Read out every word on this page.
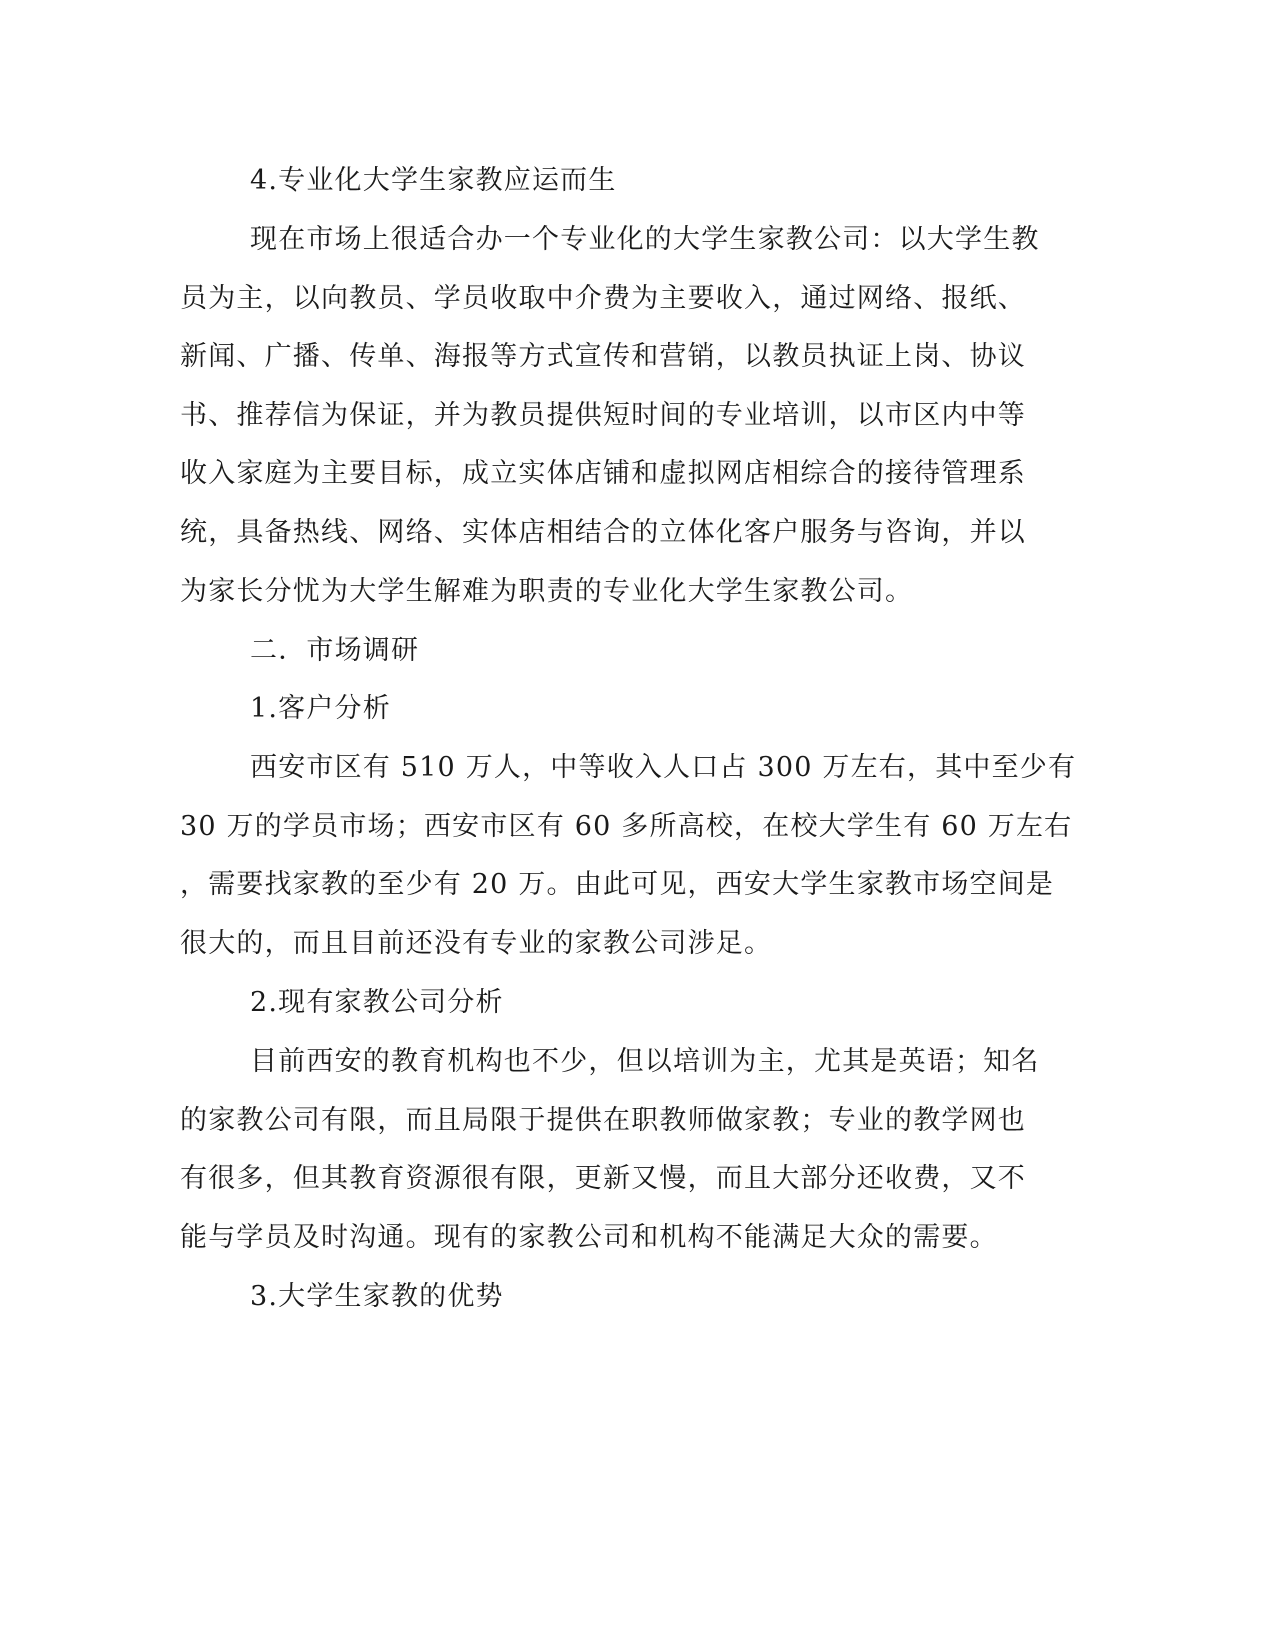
4.专业化大学生家教应运而生
现在市场上很适合办一个专业化的大学生家教公司：以大学生教
员为主，以向教员、学员收取中介费为主要收入，通过网络、报纸、
新闻、广播、传单、海报等方式宣传和营销，以教员执证上岗、协议
书、推荐信为保证，并为教员提供短时间的专业培训，以市区内中等
收入家庭为主要目标，成立实体店铺和虚拟网店相综合的接待管理系
统，具备热线、网络、实体店相结合的立体化客户服务与咨询，并以
为家长分忧为大学生解难为职责的专业化大学生家教公司。
二．市场调研
1.客户分析
西安市区有 510 万人，中等收入人口占 300 万左右，其中至少有
30 万的学员市场；西安市区有 60 多所高校，在校大学生有 60 万左右
，需要找家教的至少有 20 万。由此可见，西安大学生家教市场空间是
很大的，而且目前还没有专业的家教公司涉足。
2.现有家教公司分析
目前西安的教育机构也不少，但以培训为主，尤其是英语；知名
的家教公司有限，而且局限于提供在职教师做家教；专业的教学网也
有很多，但其教育资源很有限，更新又慢，而且大部分还收费，又不
能与学员及时沟通。现有的家教公司和机构不能满足大众的需要。
3.大学生家教的优势
